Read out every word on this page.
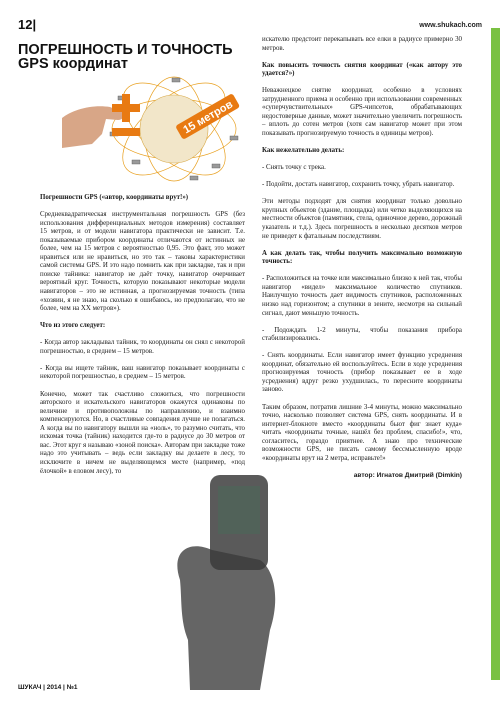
www.shukach.com
12|
ПОГРЕШНОСТЬ И ТОЧНОСТЬ
GPS координат
15 метров

Погрешности GPS («автор, координаты врут!»)

Среднеквадратическая инструментальная погрешность GPS (без использования дифференциальных методов измерения) составляет 15 метров, и от модели навигатора практически не зависит. Т.е. показываемые прибором координаты отличаются от истинных не более, чем на 15 метров с вероятностью 0,95. Это факт, это может нравиться или не нравиться, но это так – таковы характеристики самой системы GPS. И это надо помнить как при закладке, так и при поиске тайника: навигатор не даёт точку, навигатор очерчивает вероятный круг. Точность, которую показывают некоторые модели навигаторов – это не истинная, а прогнозируемая точность (типа «хозяин, я не знаю, на сколько я ошибаюсь, но предполагаю, что не более, чем на ХХ метров»).

Что из этого следует:

- Когда автор закладывал тайник, то координаты он снял с некоторой погрешностью, в среднем – 15 метров.

- Когда вы ищете тайник, ваш навигатор показывает координаты с некоторой погрешностью, в среднем – 15 метров.

Конечно, может так счастливо сложиться, что погрешности авторского и искательского навигаторов окажутся одинаковы по величине и противоположны по направлению, и взаимно компенсируются. Но, в счастливые совпадения лучше не полагаться. А когда вы по навигатору вышли на «ноль», то разумно считать, что искомая точка (тайник) находится где-то в радиусе до 30 метров от вас. Этот круг я называю «зоной поиска». Авторам при закладке тоже надо это учитывать – ведь если закладку вы делаете в лесу, то исключите в ничем не выделяющемся месте (например, «под ёлочкой» в еловом лесу), то

искателю предстоит перекапывать все елки в радиусе примерно 30 метров.

Как повысить точность снятия координат («как автору это удается?»)

Неважнецкое снятие координат, особенно в условиях затрудненного приема и особенно при использовании современных «суперчувствительных» GPS-чипсетов, обрабатывающих недостоверные данные, может значительно увеличить погрешность – вплоть до сотен метров (хотя сам навигатор может при этом показывать прогнозируемую точность в единицы метров).

Как нежелательно делать:

- Снять точку с трека.

- Подойти, достать навигатор, сохранить точку, убрать навигатор.

Эти методы подходят для снятия координат только довольно крупных объектов (здание, площадка) или четко выделяющихся на местности объектов (памятник, стела, одиночное дерево, дорожный указатель и т.д.). Здесь погрешность в несколько десятков метров не приведет к фатальным последствиям.

А как делать так, чтобы получить максимально возможную точность:

- Расположиться на точке или максимально близко к ней так, чтобы навигатор «видел» максимальное количество спутников. Наилучшую точность дает видимость спутников, расположенных низко над горизонтом; а спутники в зените, несмотря на сильный сигнал, дают меньшую точность.

- Подождать 1-2 минуты, чтобы показания прибора стабилизировались.

- Снять координаты. Если навигатор имеет функцию усреднения координат, обязательно ей воспользуйтесь. Если в ходе усреднения прогнозируемая точность (прибор показывает ее в ходе усреднения) вдруг резко ухудшилась, то пересните координаты заново.

Таким образом, потратив лишние 3-4 минуты, можно максимально точно, насколько позволяет система GPS, снять координаты. И в интернет-блокноте вместо «координаты бьют фиг знает куда» читать «координаты точные, нашёл без проблем, спасибо!», что, согласитесь, гораздо приятнее. А знаю про технические возможности GPS, не писать самому бессмысленную вроде «координаты врут на 2 метра, исправьте!»

автор: Игнатов Дмитрий (Dimkin)

ШУКАЧ | 2014 | №1
